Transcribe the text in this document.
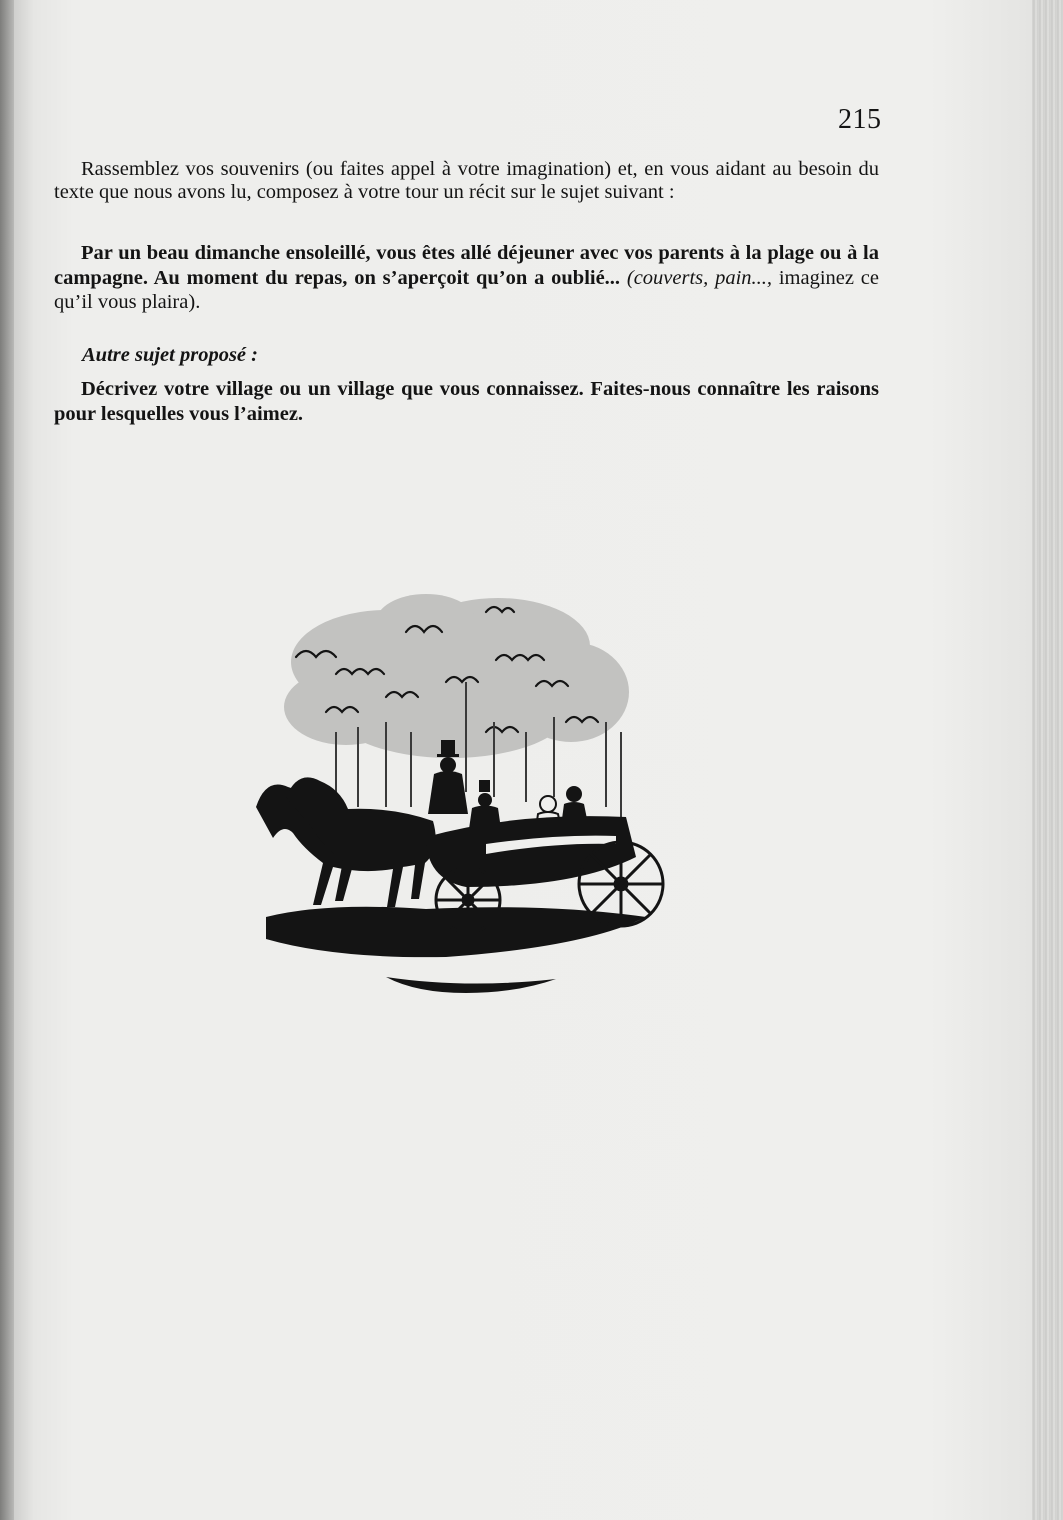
215

Rassemblez vos souvenirs (ou faites appel à votre imagination) et, en vous aidant au besoin du texte que nous avons lu, composez à votre tour un récit sur le sujet suivant :

Par un beau dimanche ensoleillé, vous êtes allé déjeuner avec vos parents à la plage ou à la campagne. Au moment du repas, on s’aperçoit qu’on a oublié... (couverts, pain..., imaginez ce qu’il vous plaira).

Autre sujet proposé :

Décrivez votre village ou un village que vous connaissez. Faites-nous connaître les raisons pour lesquelles vous l’aimez.
